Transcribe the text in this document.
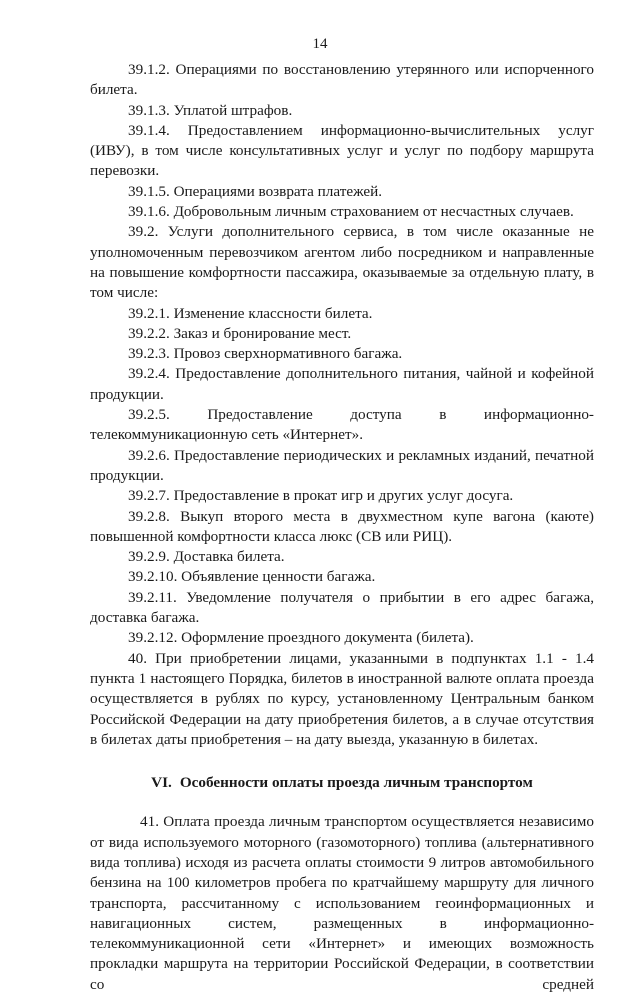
14

39.1.2. Операциями по восстановлению утерянного или испорченного билета.

39.1.3. Уплатой штрафов.

39.1.4. Предоставлением информационно-вычислительных услуг (ИВУ), в том числе консультативных услуг и услуг по подбору маршрута перевозки.

39.1.5. Операциями возврата платежей.

39.1.6. Добровольным личным страхованием от несчастных случаев.

39.2. Услуги дополнительного сервиса, в том числе оказанные не уполномоченным перевозчиком агентом либо посредником и направленные на повышение комфортности пассажира, оказываемые за отдельную плату, в том числе:

39.2.1. Изменение классности билета.

39.2.2. Заказ и бронирование мест.

39.2.3. Провоз сверхнормативного багажа.

39.2.4. Предоставление дополнительного питания, чайной и кофейной продукции.

39.2.5. Предоставление доступа в информационно-телекоммуникационную сеть «Интернет».

39.2.6. Предоставление периодических и рекламных изданий, печатной продукции.

39.2.7. Предоставление в прокат игр и других услуг досуга.

39.2.8. Выкуп второго места в двухместном купе вагона (каюте) повышенной комфортности класса люкс (СВ или РИЦ).

39.2.9. Доставка билета.

39.2.10. Объявление ценности багажа.

39.2.11. Уведомление получателя о прибытии в его адрес багажа, доставка багажа.

39.2.12. Оформление проездного документа (билета).

40. При приобретении лицами, указанными в подпунктах 1.1 - 1.4 пункта 1 настоящего Порядка, билетов в иностранной валюте оплата проезда осуществляется в рублях по курсу, установленному Центральным банком Российской Федерации на дату приобретения билетов, а в случае отсутствия в билетах даты приобретения – на дату выезда, указанную в билетах.

VI. Особенности оплаты проезда личным транспортом

41. Оплата проезда личным транспортом осуществляется независимо от вида используемого моторного (газомоторного) топлива (альтернативного вида топлива) исходя из расчета оплаты стоимости 9 литров автомобильного бензина на 100 километров пробега по кратчайшему маршруту для личного транспорта, рассчитанному с использованием геоинформационных и навигационных систем, размещенных в информационно-телекоммуникационной сети «Интернет» и имеющих возможность прокладки маршрута на территории Российской Федерации, в соответствии со средней
